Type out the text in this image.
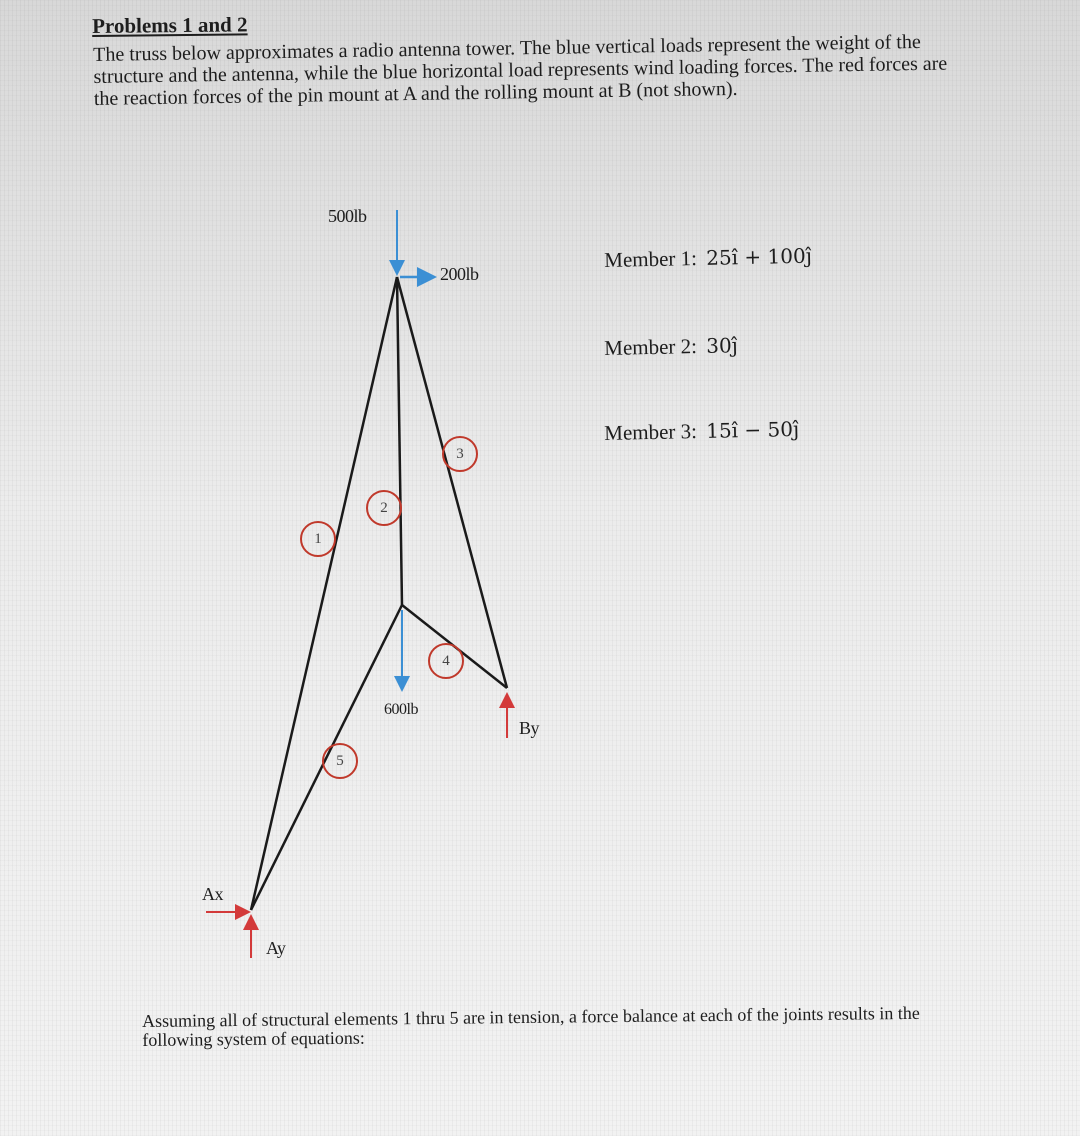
Problems 1 and 2
The truss below approximates a radio antenna tower. The blue vertical loads represent the weight of the structure and the antenna, while the blue horizontal load represents wind loading forces. The red forces are the reaction forces of the pin mount at A and the rolling mount at B (not shown).
500lb
200lb
600lb
Ax
Ay
By
1
2
3
4
5
Member 1: 25î + 100ĵ
Member 2: 30ĵ
Member 3: 15î − 50ĵ
Assuming all of structural elements 1 thru 5 are in tension, a force balance at each of the joints results in the following system of equations:
